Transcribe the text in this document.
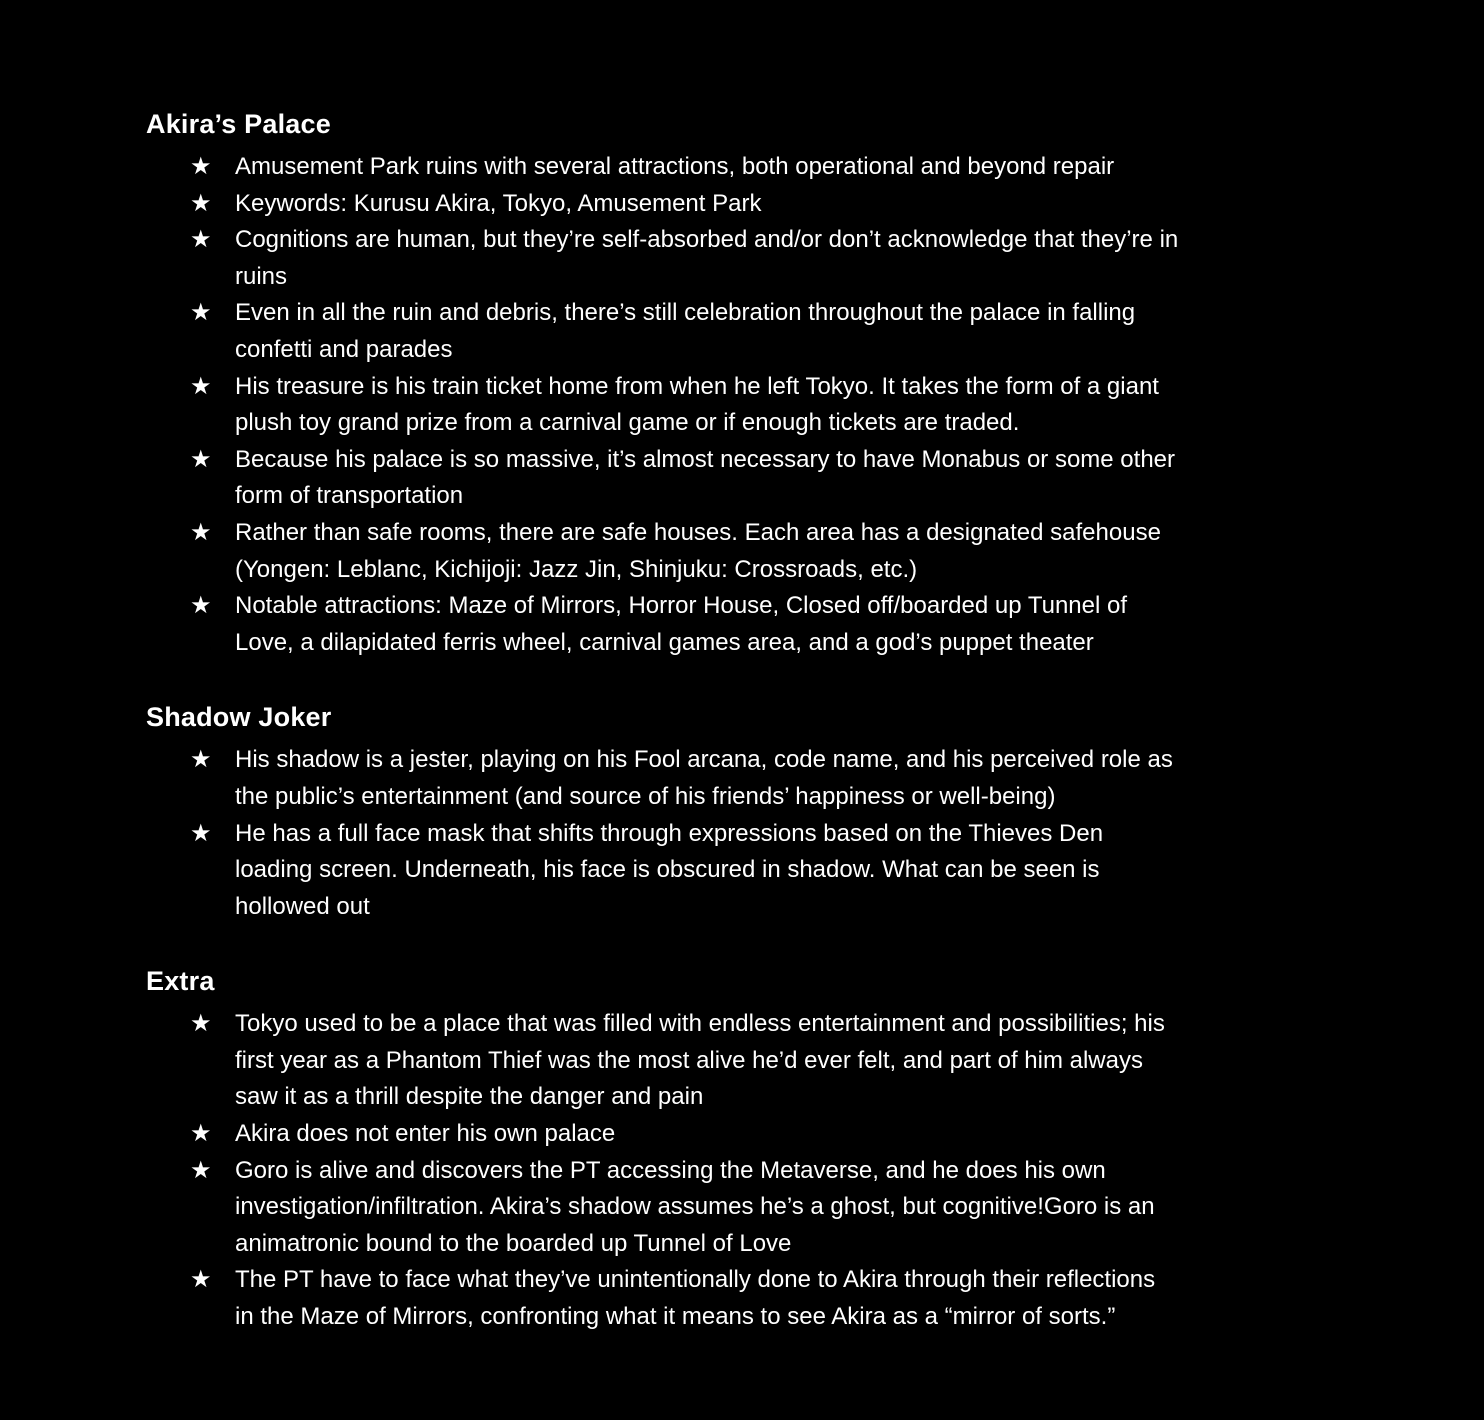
Akira’s Palace
★ Amusement Park ruins with several attractions, both operational and beyond repair
★ Keywords: Kurusu Akira, Tokyo, Amusement Park
★ Cognitions are human, but they’re self-absorbed and/or don’t acknowledge that they’re in
ruins
★ Even in all the ruin and debris, there’s still celebration throughout the palace in falling
confetti and parades
★ His treasure is his train ticket home from when he left Tokyo. It takes the form of a giant
plush toy grand prize from a carnival game or if enough tickets are traded.
★ Because his palace is so massive, it’s almost necessary to have Monabus or some other
form of transportation
★ Rather than safe rooms, there are safe houses. Each area has a designated safehouse
(Yongen: Leblanc, Kichijoji: Jazz Jin, Shinjuku: Crossroads, etc.)
★ Notable attractions: Maze of Mirrors, Horror House, Closed off/boarded up Tunnel of
Love, a dilapidated ferris wheel, carnival games area, and a god’s puppet theater
Shadow Joker
★ His shadow is a jester, playing on his Fool arcana, code name, and his perceived role as
the public’s entertainment (and source of his friends’ happiness or well-being)
★ He has a full face mask that shifts through expressions based on the Thieves Den
loading screen. Underneath, his face is obscured in shadow. What can be seen is
hollowed out
Extra
★ Tokyo used to be a place that was filled with endless entertainment and possibilities; his
first year as a Phantom Thief was the most alive he’d ever felt, and part of him always
saw it as a thrill despite the danger and pain
★ Akira does not enter his own palace
★ Goro is alive and discovers the PT accessing the Metaverse, and he does his own
investigation/infiltration. Akira’s shadow assumes he’s a ghost, but cognitive!Goro is an
animatronic bound to the boarded up Tunnel of Love
★ The PT have to face what they’ve unintentionally done to Akira through their reflections
in the Maze of Mirrors, confronting what it means to see Akira as a “mirror of sorts.”
